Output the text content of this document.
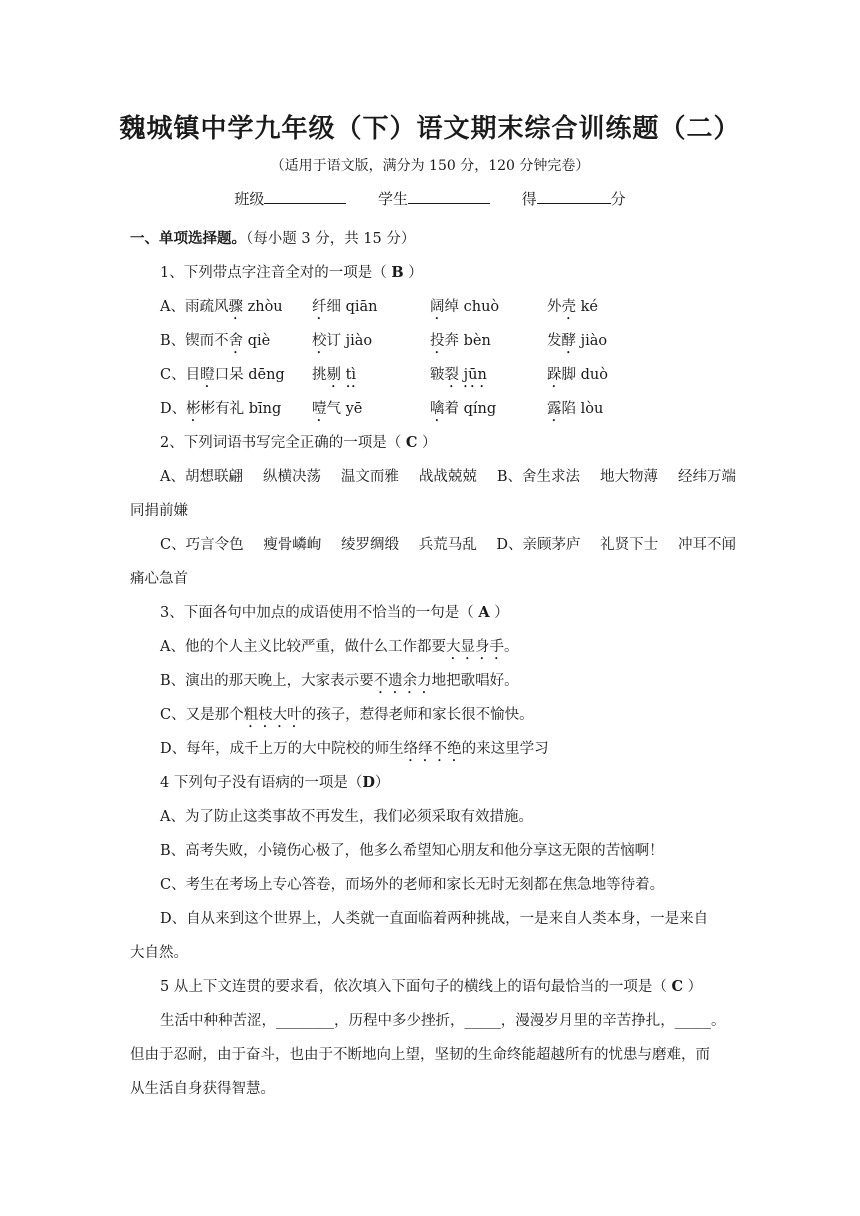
魏城镇中学九年级（下）语文期末综合训练题（二）
（适用于语文版，满分为 150 分，120 分钟完卷）
班级	学生	得	分
一、单项选择题。（每小题 3 分，共 15 分）
1、下列带点字注音全对的一项是（ B ）
A、雨疏风骤 zhòu	纤细 qiān	阔绰 chuò	外壳 ké
B、锲而不舍 qiè	校订 jiào	投奔 bèn	发酵 jiào
C、目瞪口呆 dēng	挑剔 tì	皲裂 jūn	跺脚 duò
D、彬彬有礼 bīng	噎气 yē	噙着 qíng	露陷 lòu
2、下列词语书写完全正确的一项是（ C ）
A、胡想联翩 纵横决荡 温文而雅 战战兢兢 B、舍生求法 地大物薄 经纬万端
同捐前嫌
C、巧言令色 瘦骨嶙峋 绫罗绸缎 兵荒马乱 D、亲顾茅庐 礼贤下士 冲耳不闻
痛心急首
3、下面各句中加点的成语使用不恰当的一句是（ A ）
A、他的个人主义比较严重，做什么工作都要大显身手。
B、演出的那天晚上，大家表示要不遗余力地把歌唱好。
C、又是那个粗枝大叶的孩子，惹得老师和家长很不愉快。
D、每年，成千上万的大中院校的师生络绎不绝的来这里学习
4 下列句子没有语病的一项是（D）
A、为了防止这类事故不再发生，我们必须采取有效措施。
B、高考失败，小镜伤心极了，他多么希望知心朋友和他分享这无限的苦恼啊！
C、考生在考场上专心答卷，而场外的老师和家长无时无刻都在焦急地等待着。
D、自从来到这个世界上，人类就一直面临着两种挑战，一是来自人类本身，一是来自
大自然。
5 从上下文连贯的要求看，依次填入下面句子的横线上的语句最恰当的一项是（ C ）
生活中种种苦涩，________，历程中多少挫折，_____，漫漫岁月里的辛苦挣扎，_____。
但由于忍耐，由于奋斗，也由于不断地向上望，坚韧的生命终能超越所有的忧患与磨难，而
从生活自身获得智慧。
